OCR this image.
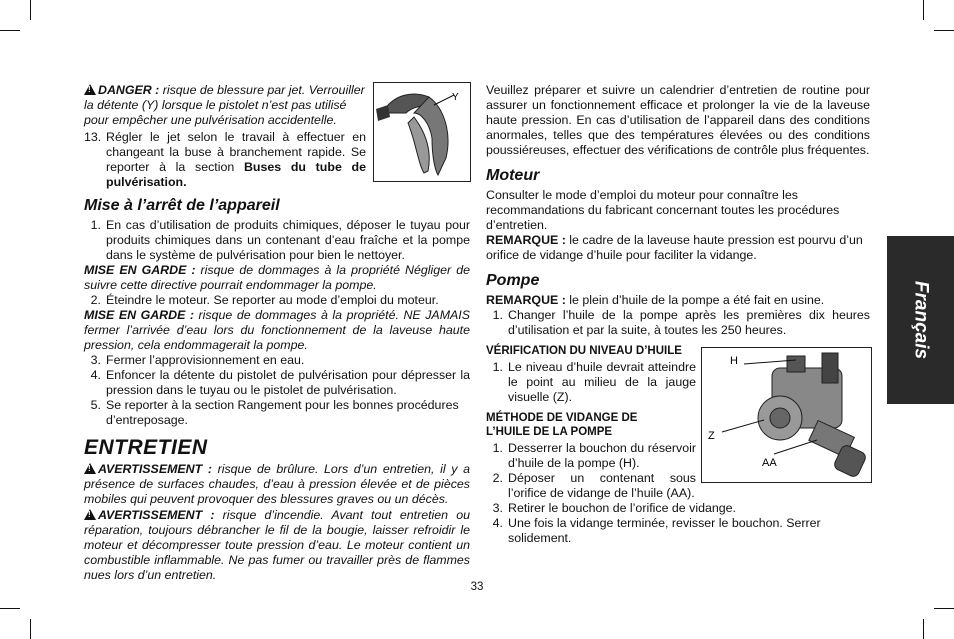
Y

!DANGER : risque de blessure par jet. Verrouiller la détente (Y) lorsque le pistolet n’est pas utilisé pour empêcher une pulvérisation accidentelle.

13. Régler le jet selon le travail à effectuer en changeant la buse à branchement rapide. Se reporter à la section Buses du tube de pulvérisation.
Mise à l’arrêt de l’appareil
1. En cas d’utilisation de produits chimiques, déposer le tuyau pour produits chimiques dans un contenant d’eau fraîche et la pompe dans le système de pulvérisation pour bien le nettoyer.

MISE EN GARDE : risque de dommages à la propriété Négliger de suivre cette directive pourrait endommager la pompe.

2. Éteindre le moteur. Se reporter au mode d’emploi du moteur.

MISE EN GARDE : risque de dommages à la propriété. NE JAMAIS fermer l’arrivée d’eau lors du fonctionnement de la laveuse haute pression, cela endommagerait la pompe.

3. Fermer l’approvisionnement en eau.
4. Enfoncer la détente du pistolet de pulvérisation pour dépresser la pression dans le tuyau ou le pistolet de pulvérisation.
5. Se reporter à la section Rangement pour les bonnes procédures d’entreposage.
ENTRETIEN

!AVERTISSEMENT : risque de brûlure. Lors d’un entretien, il y a présence de surfaces chaudes, d’eau à pression élevée et de pièces mobiles qui peuvent provoquer des blessures graves ou un décès.

!AVERTISSEMENT : risque d’incendie. Avant tout entretien ou réparation, toujours débrancher le fil de la bougie, laisser refroidir le moteur et décompresser toute pression d’eau. Le moteur contient un combustible inflammable. Ne pas fumer ou travailler près de flammes nues lors d’un entretien.

Veuillez préparer et suivre un calendrier d’entretien de routine pour assurer un fonctionnement efficace et prolonger la vie de la laveuse haute pression. En cas d’utilisation de l’appareil dans des conditions anormales, telles que des températures élevées ou des conditions poussiéreuses, effectuer des vérifications de contrôle plus fréquentes.

Moteur

Consulter le mode d’emploi du moteur pour connaître les recommandations du fabricant concernant toutes les procédures d’entretien.

REMARQUE : le cadre de la laveuse haute pression est pourvu d’un orifice de vidange d’huile pour faciliter la vidange.

Pompe

REMARQUE : le plein d’huile de la pompe a été fait en usine.

1. Changer l’huile de la pompe après les premières dix heures d’utilisation et par la suite, à toutes les 250 heures.
VÉRIFICATION DU NIVEAU D’HUILE
1. Le niveau d’huile devrait atteindre le point au milieu de la jauge visuelle (Z).
MÉTHODE DE VIDANGE DE L’HUILE DE LA POMPE
1. Desserrer la bouchon du réservoir d’huile de la pompe (H).
2. Déposer un contenant sous l’orifice de vidange de l’huile (AA).
3. Retirer le bouchon de l’orifice de vidange.
4. Une fois la vidange terminée, revisser le bouchon. Serrer solidement.
H
Z
AA
Français
33
